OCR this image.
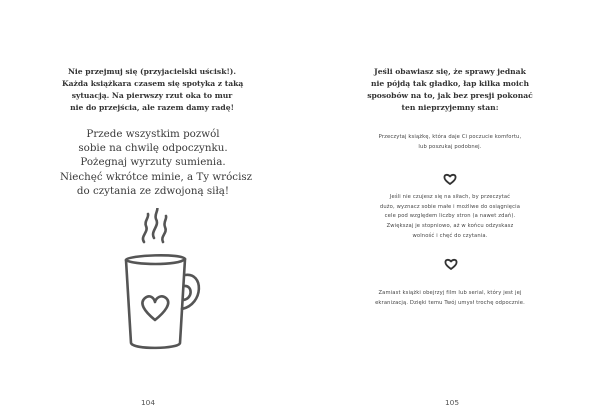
Nie przejmuj się (przyjacielski uścisk!).
Każda książkara czasem się spotyka z taką
sytuacją. Na pierwszy rzut oka to mur
nie do przejścia, ale razem damy radę!
Przede wszystkim pozwól
sobie na chwilę odpoczynku.
Pożegnaj wyrzuty sumienia.
Niechęć wkrótce minie, a Ty wrócisz
do czytania ze zdwojoną siłą!
104
Jeśli obawiasz się, że sprawy jednak
nie pójdą tak gładko, łap kilka moich
sposobów na to, jak bez presji pokonać
ten nieprzyjemny stan:
Przeczytaj książkę, która daje Ci poczucie komfortu,
lub poszukaj podobnej.
Jeśli nie czujesz się na siłach, by przeczytać
dużo, wyznacz sobie małe i możliwe do osiągnięcia
cele pod względem liczby stron (a nawet zdań).
Zwiększaj je stopniowo, aż w końcu odzyskasz
wolność i chęć do czytania.
Zamiast książki obejrzyj film lub serial, który jest jej
ekranizacją. Dzięki temu Twój umysł trochę odpocznie.
105
